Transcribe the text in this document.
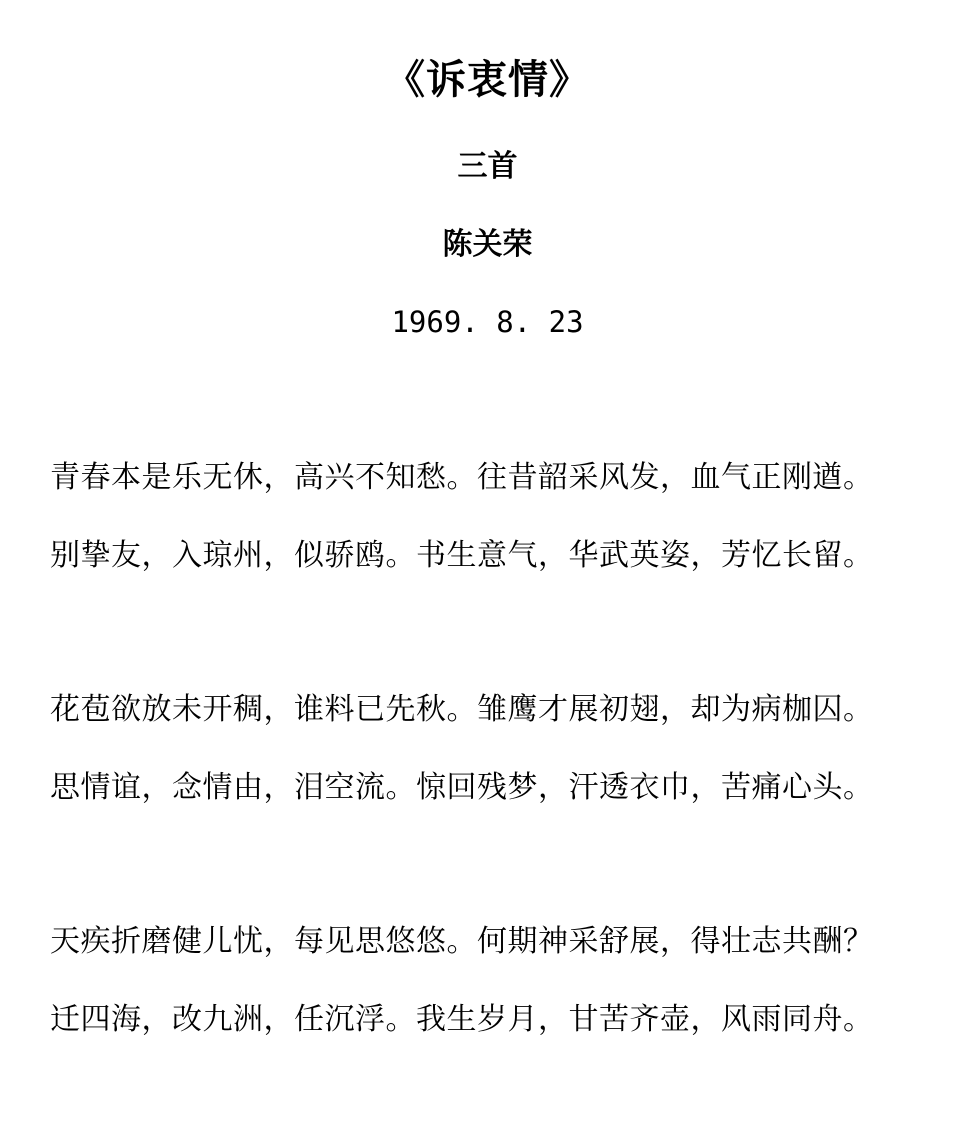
《诉衷情》
三首
陈关荣
1969. 8. 23
青春本是乐无休，高兴不知愁。往昔韶采风发，血气正刚遒。
别挚友，入琼州，似骄鸥。书生意气，华武英姿，芳忆长留。
花苞欲放未开稠，谁料已先秋。雏鹰才展初翅，却为病枷囚。
思情谊，念情由，泪空流。惊回残梦，汗透衣巾，苦痛心头。
天疾折磨健儿忧，每见思悠悠。何期神采舒展，得壮志共酬？
迁四海，改九洲，任沉浮。我生岁月，甘苦齐壶，风雨同舟。
